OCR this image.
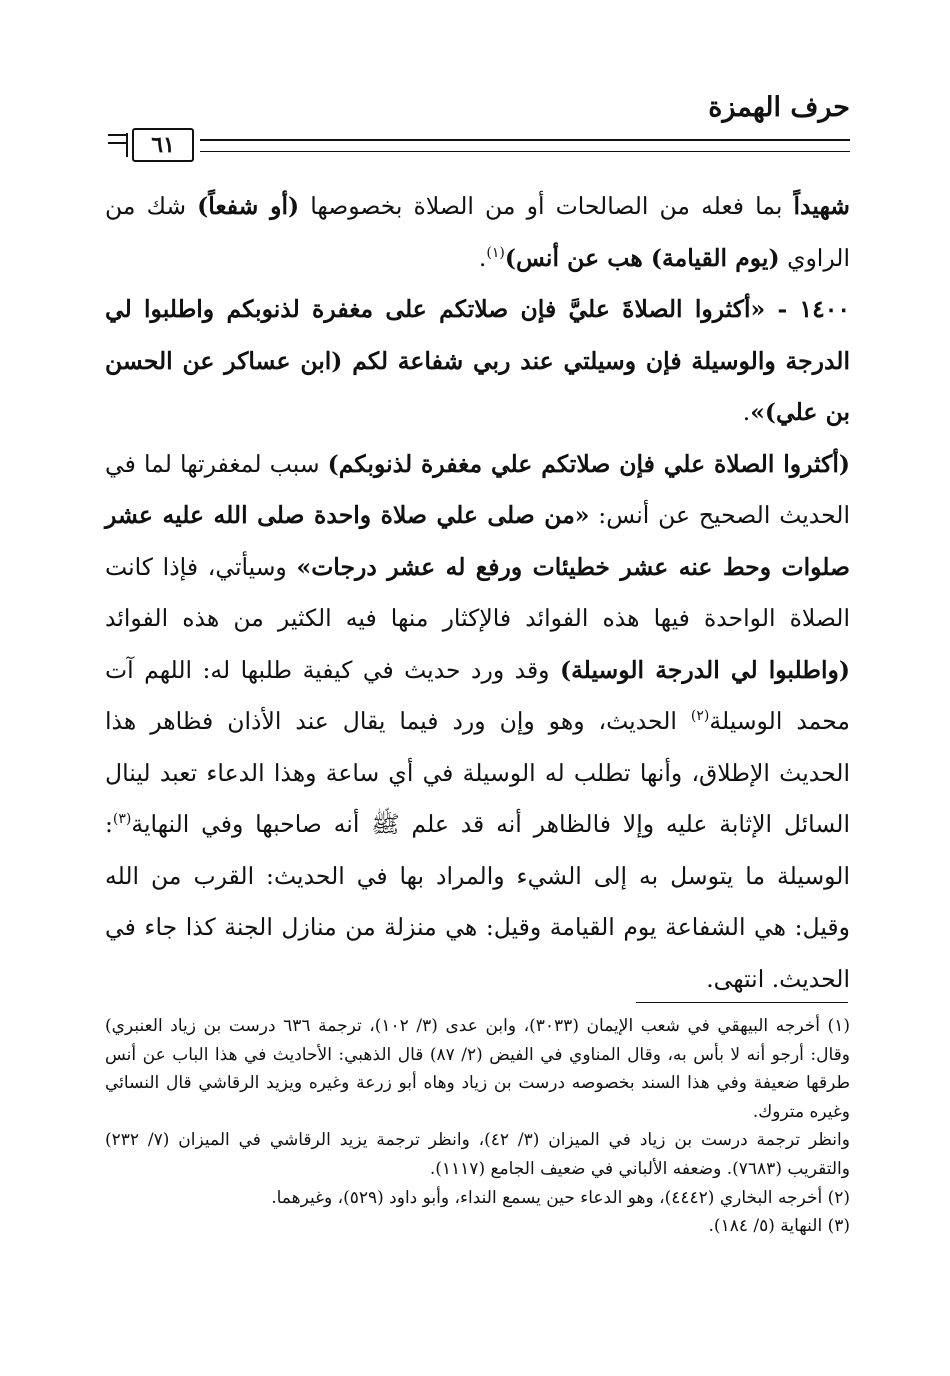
حرف الهمزة
٦١

شهيداً بما فعله من الصالحات أو من الصلاة بخصوصها (أو شفعاً) شك من الراوي (يوم القيامة) هب عن أنس)$^{(١)}$.

١٤٠٠ - «أكثروا الصلاةَ عليَّ فإن صلاتكم على مغفرة لذنوبكم واطلبوا لي الدرجة والوسيلة فإن وسيلتي عند ربي شفاعة لكم (ابن عساكر عن الحسن بن علي)».

(أكثروا الصلاة علي فإن صلاتكم علي مغفرة لذنوبكم) سبب لمغفرتها لما في الحديث الصحيح عن أنس: «من صلى علي صلاة واحدة صلى الله عليه عشر صلوات وحط عنه عشر خطيئات ورفع له عشر درجات» وسيأتي، فإذا كانت الصلاة الواحدة فيها هذه الفوائد فالإكثار منها فيه الكثير من هذه الفوائد (واطلبوا لي الدرجة الوسيلة) وقد ورد حديث في كيفية طلبها له: اللهم آت محمد الوسيلة$^{(٢)}$ الحديث، وهو وإن ورد فيما يقال عند الأذان فظاهر هذا الحديث الإطلاق، وأنها تطلب له الوسيلة في أي ساعة وهذا الدعاء تعبد لينال السائل الإثابة عليه وإلا فالظاهر أنه قد علم ﷺ أنه صاحبها وفي النهاية$^{(٣)}$: الوسيلة ما يتوسل به إلى الشيء والمراد بها في الحديث: القرب من الله وقيل: هي الشفاعة يوم القيامة وقيل: هي منزلة من منازل الجنة كذا جاء في الحديث. انتهى.

(١) أخرجه البيهقي في شعب الإيمان (٣٠٣٣)، وابن عدى (٣/ ١٠٢)، ترجمة ٦٣٦ درست بن زياد العنبري) وقال: أرجو أنه لا بأس به، وقال المناوي في الفيض (٢/ ٨٧) قال الذهبي: الأحاديث في هذا الباب عن أنس طرقها ضعيفة وفي هذا السند بخصوصه درست بن زياد وهاه أبو زرعة وغيره ويزيد الرقاشي قال النسائي وغيره متروك.

وانظر ترجمة درست بن زياد في الميزان (٣/ ٤٢)، وانظر ترجمة يزيد الرقاشي في الميزان (٧/ ٢٣٢) والتقريب (٧٦٨٣). وضعفه الألباني في ضعيف الجامع (١١١٧).

(٢) أخرجه البخاري (٤٤٤٢)، وهو الدعاء حين يسمع النداء، وأبو داود (٥٢٩)، وغيرهما.

(٣) النهاية (٥/ ١٨٤).
